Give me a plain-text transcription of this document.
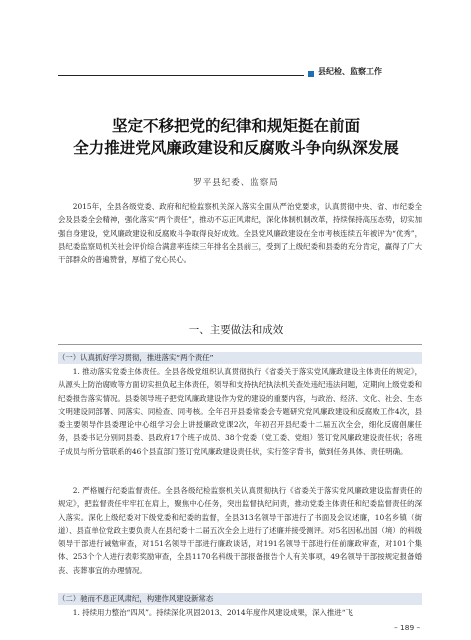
县纪检、监察工作
坚定不移把党的纪律和规矩挺在前面
全力推进党风廉政建设和反腐败斗争向纵深发展
罗平县纪委、监察局
2015年，全县各级党委、政府和纪检监察机关深入落实全面从严治党要求，认真贯彻中央、省、市纪委全会及县委全会精神，强化落实“两个责任”，推动不忘正风肃纪，深化体制机制改革，持续保持高压态势，切实加强自身建设，党风廉政建设和反腐败斗争取得良好成效。全县党风廉政建设在全市考核连续五年被评为“优秀”，县纪委监察局机关社会评价综合满意率连续三年排名全县前三，受到了上级纪委和县委的充分肯定，赢得了广大干部群众的普遍赞誉，厚植了党心民心。
一、主要做法和成效
（一）认真抓好学习贯彻，推进落实“两个责任”
1. 推动落实党委主体责任。全县各级党组织认真贯彻执行《省委关于落实党风廉政建设主体责任的规定》，从源头上防治腐败等方面切实担负起主体责任，领导和支持执纪执法机关查处违纪违法问题，定期向上级党委和纪委报告落实情况。县委领导班子把党风廉政建设作为党的建设的重要内容，与政治、经济、文化、社会、生态文明建设同部署、同落实、同检查、同考核。全年召开县委常委会专题研究党风廉政建设和反腐败工作4次，县委主要领导作县委理论中心组学习会上讲授廉政党课2次，年初召开县纪委十二届五次全会，细化反腐倡廉任务，县委书记分别同县委、县政府17个班子成员、38个党委（党工委、党组）签订党风廉政建设责任状；各班子成员与所分管联系的46个县直部门签订党风廉政建设责任状，实行签字背书，做到任务具体、责任明确。
2. 严格履行纪委监督责任。全县各级纪检监察机关认真贯彻执行《省委关于落实党风廉政建设监督责任的规定》，把监督责任牢牢扛在肩上，聚焦中心任务，突出监督执纪问责，推动党委主体责任和纪委监督责任的深入落实。深化上级纪委对下级党委和纪委的监督，全县313名领导干部进行了书面及会议述廉，10名乡镇（街道）、县直单位党政主要负责人在县纪委十二届五次全会上进行了述廉并接受测评。对5名因私出国（境）的科级领导干部进行诫勉审查，对151名领导干部进行廉政谈话，对191名领导干部进行任前廉政审查，对101个集体、253个个人进行表彰奖励审查，全县1170名科级干部报备报告个人有关事项，49名领导干部按规定报备婚丧、丧葬事宜的办理情况。
（二）驰而不息正风肃纪，构建作风建设新常态
1. 持续用力整治“四风”。持续深化巩固2013、2014年度作风建设成果，深入推进“飞
– 189 –
